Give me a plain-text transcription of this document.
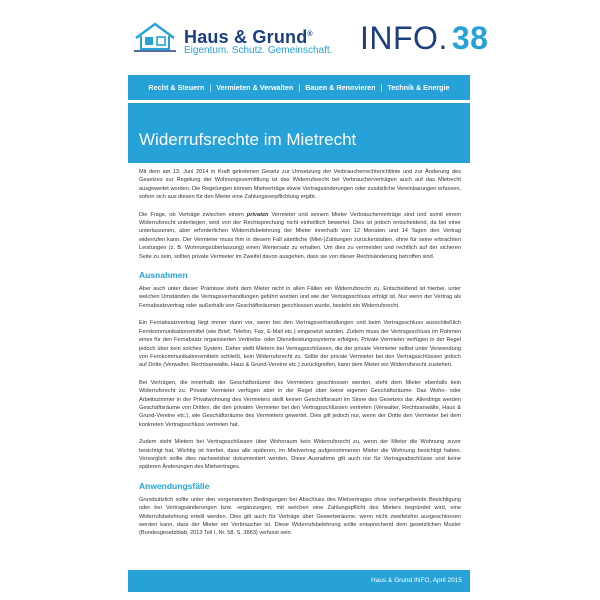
Haus & Grund®
Eigentum. Schutz. Gemeinschaft. INFO. 38
Recht & Steuern | Vermieten & Verwalten | Bauen & Renovieren | Technik & Energie
Widerrufsrechte im Mietrecht

Mit dem am 13. Juni 2014 in Kraft getretenen Gesetz zur Umsetzung der Verbraucherrechterichtlinie und zur Änderung des Gesetzes zur Regelung der Wohnungsvermittlung ist das Widerrufsrecht bei Verbraucherverträgen auch auf das Mietrecht ausgeweitet worden. Die Regelungen können Mietverträge sowie Vertragsänderungen oder zusätzliche Vereinbarungen erfassen, sofern sich aus diesen für den Mieter eine Zahlungsverpflichtung ergibt.

Die Frage, ob Verträge zwischen einem privaten Vermieter und seinem Mieter Verbraucherverträge sind und somit einem Widerrufsrecht unterliegen, wird von der Rechtsprechung nicht einheitlich bewertet. Dies ist jedoch entscheidend, da bei einer unterlassenen, aber erforderlichen Widerrufsbelehrung der Mieter innerhalb von 12 Monaten und 14 Tagen den Vertrag widerrufen kann. Der Vermieter muss ihm in diesem Fall sämtliche (Miet-)Zahlungen zurückerstatten, ohne für seine erbrachten Leistungen (z. B. Wohnungsüberlassung) einen Wertersatz zu erhalten. Um dies zu vermeiden und rechtlich auf der sicheren Seite zu sein, sollten private Vermieter im Zweifel davon ausgehen, dass sie von dieser Rechtsänderung betroffen sind.

Ausnahmen

Aber auch unter dieser Prämisse steht dem Mieter nicht in allen Fällen ein Widerrufsrecht zu. Entscheidend ist hierbei, unter welchen Umständen die Vertragsverhandlungen geführt wurden und wie der Vertragsschluss erfolgt ist. Nur wenn der Vertrag als Fernabsatzvertrag oder außerhalb von Geschäftsräumen geschlossen wurde, besteht ein Widerrufsrecht.

Ein Fernabsatzvertrag liegt immer dann vor, wenn bei den Vertragsverhandlungen und beim Vertragsschluss ausschließlich Fernkommunikationsmittel (wie Brief, Telefon, Fax, E-Mail etc.) eingesetzt wurden. Zudem muss der Vertragsschluss im Rahmen eines für den Fernabsatz organisierten Vertriebs- oder Dienstleistungssystems erfolgen. Private Vermieter verfügen in der Regel jedoch über kein solches System. Daher stellt Mietern bei Vertragsschlüssen, die der private Vermieter selbst unter Verwendung von Fernkommunikationsmitteln schließt, kein Widerrufsrecht zu. Sollte der private Vermieter bei den Vertragsschlüssen jedoch auf Dritte (Verwalter, Rechtsanwälte, Haus & Grund-Vereine etc.) zurückgreifen, kann dem Mieter ein Widerrufsrecht zustehen.

Bei Verträgen, die innerhalb der Geschäftsräume des Vermieters geschlossen werden, steht dem Mieter ebenfalls kein Widerrufsrecht zu. Private Vermieter verfügen aber in der Regel über keine eigenen Geschäftsräume. Das Wohn- oder Arbeitszimmer in der Privatwohnung des Vermieters stellt keinen Geschäftsraum im Sinne des Gesetzes dar. Allerdings werden Geschäftsräume von Dritten, die den privaten Vermieter bei den Vertragsschlüssen vertreten (Verwalter, Rechtsanwälte, Haus & Grund-Vereine etc.), wie Geschäftsräume des Vermieters gewertet. Dies gilt jedoch nur, wenn der Dritte den Vermieter bei dem konkreten Vertragsschluss vertreten hat.

Zudem steht Mietern bei Vertragsschlüssen über Wohnraum kein Widerrufsrecht zu, wenn der Mieter die Wohnung zuvor besichtigt hat. Wichtig ist hierbei, dass alle späteren, im Mietvertrag aufgenommenen Mieter die Wohnung besichtigt haben. Vorsorglich sollte dies nachweisbar dokumentiert werden. Diese Ausnahme gilt auch nur für Vertragsabschlüsse und keine späteren Änderungen des Mietvertrages.

Anwendungsfälle

Grundsätzlich sollte unter den vorgenannten Bedingungen bei Abschluss des Mietvertrages ohne vorhergehende Besichtigung oder bei Vertragsänderungen bzw. -ergänzungen, mit welchen eine Zahlungspflicht des Mieters begründet wird, eine Widerrufsbelehrung erteilt werden. Dies gilt auch für Verträge über Gewerberäume, wenn nicht zweifelsfrei ausgeschlossen werden kann, dass der Mieter ein Verbraucher ist. Diese Widerrufsbelehrung sollte entsprechend dem gesetzlichen Muster (Bundesgesetzblatt, 2013 Teil I, Nr. 58, S. 3663) verfasst sein.

Haus & Grund INFO, April 2015
